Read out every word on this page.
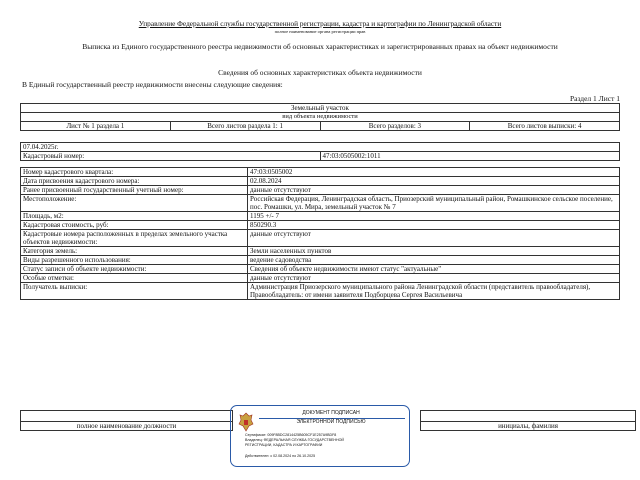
Управление Федеральной службы государственной регистрации, кадастра и картографии по Ленинградской области
полное наименование органа регистрации прав
Выписка из Единого государственного реестра недвижимости об основных характеристиках и зарегистрированных правах на объект недвижимости
Сведения об основных характеристиках объекта недвижимости
В Единый государственный реестр недвижимости внесены следующие сведения:
Раздел 1 Лист 1
Земельный участок
вид объекта недвижимости
Лист № 1 раздела 1	Всего листов раздела 1: 1	Всего разделов: 3	Всего листов выписки: 4
07.04.2025г.
Кадастровый номер:	47:03:0505002:1011
Номер кадастрового квартала:	47:03:0505002
Дата присвоения кадастрового номера:	02.08.2024
Ранее присвоенный государственный учетный номер:	данные отсутствуют
Местоположение:	Российская Федерация, Ленинградская область, Приозерский муниципальный район, Ромашкинское сельское поселение, пос. Ромашки, ул. Мира, земельный участок № 7
Площадь, м2:	1195 +/- 7
Кадастровая стоимость, руб:	850290.3
Кадастровые номера расположенных в пределах земельного участка объектов недвижимости:	данные отсутствуют
Категория земель:	Земли населенных пунктов
Виды разрешенного использования:	ведение садоводства
Статус записи об объекте недвижимости:	Сведения об объекте недвижимости имеют статус "актуальные"
Особые отметки:	данные отсутствуют
Получатель выписки:	Администрация Приозерского муниципального района Ленинградской области (представитель правообладателя),
Правообладатель: от имени заявителя Подборцева Сергея Васильевича

полное наименование должности		инициалы, фамилия
ДОКУМЕНТ ПОДПИСАН
ЭЛЕКТРОННОЙ ПОДПИСЬЮ
Сертификат: 009F8BDC2814425B605CF1E257A9BDF8
Владелец: ФЕДЕРАЛЬНАЯ СЛУЖБА ГОСУДАРСТВЕННОЙ РЕГИСТРАЦИИ, КАДАСТРА И КАРТОГРАФИИ
Действителен: с 02.08.2024 по 26.10.2025
